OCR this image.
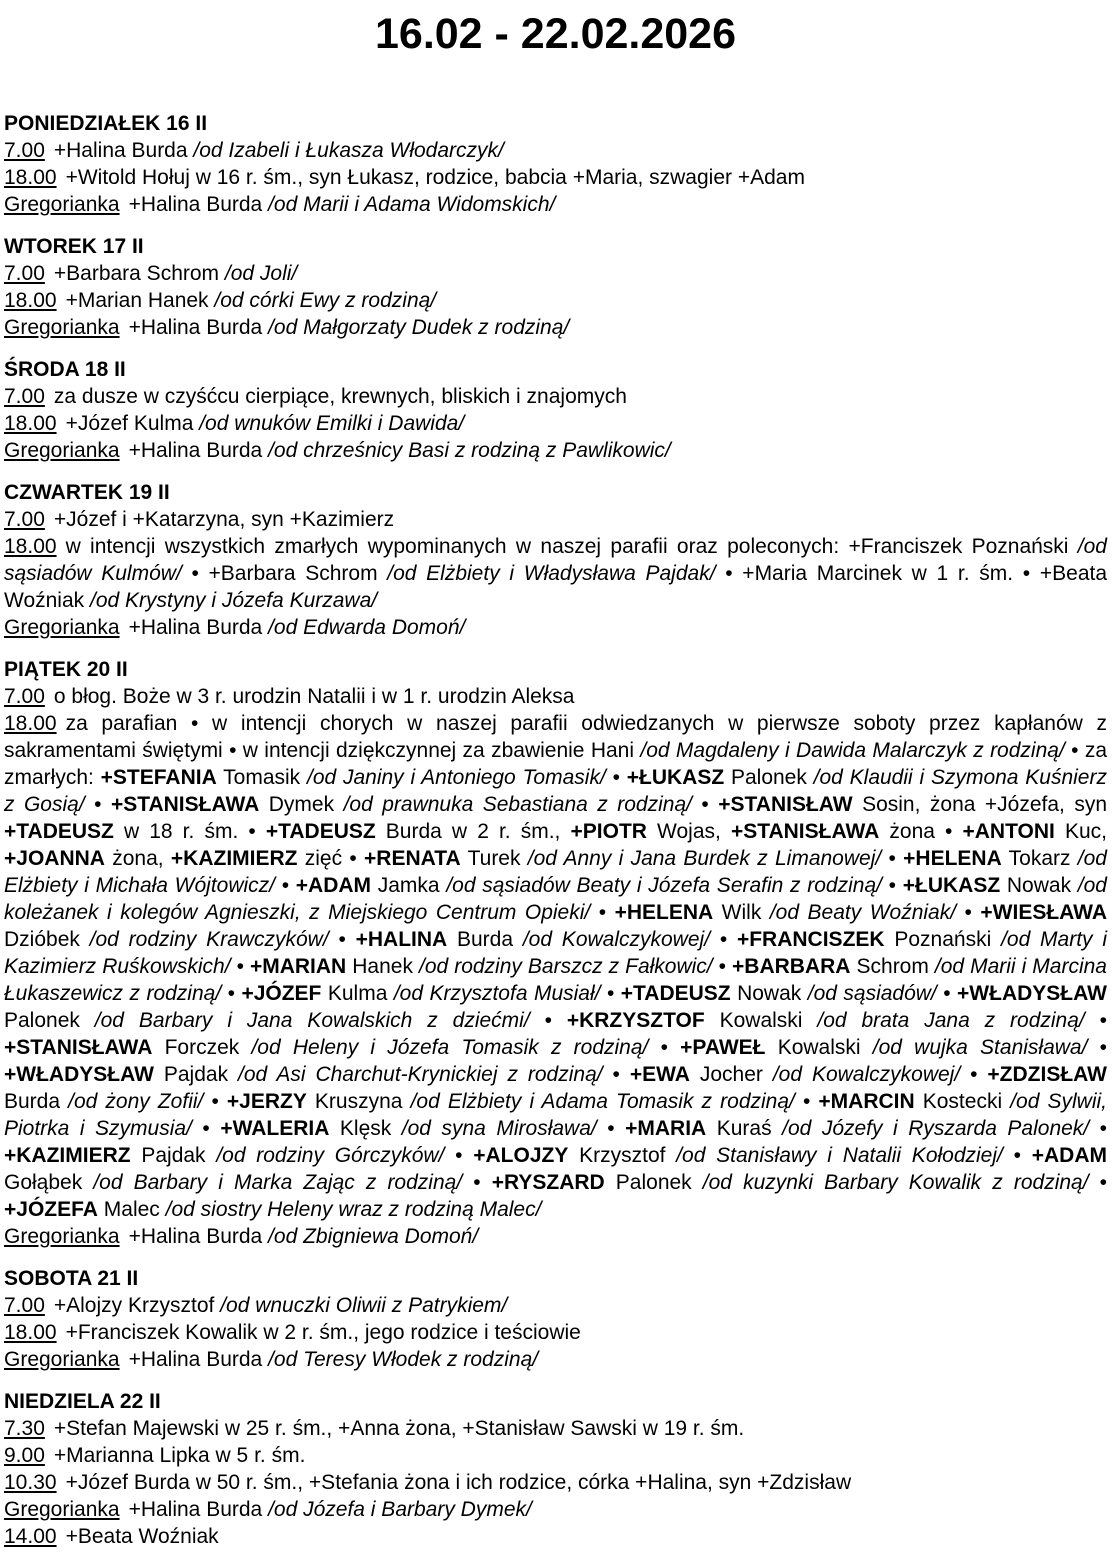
16.02 - 22.02.2026
PONIEDZIAŁEK 16 II

7.00 +Halina Burda /od Izabeli i Łukasza Włodarczyk/

18.00 +Witold Hołuj w 16 r. śm., syn Łukasz, rodzice, babcia +Maria, szwagier +Adam

Gregorianka +Halina Burda /od Marii i Adama Widomskich/

WTOREK 17 II

7.00 +Barbara Schrom /od Joli/

18.00 +Marian Hanek /od córki Ewy z rodziną/

Gregorianka +Halina Burda /od Małgorzaty Dudek z rodziną/

ŚRODA 18 II

7.00 za dusze w czyśćcu cierpiące, krewnych, bliskich i znajomych

18.00 +Józef Kulma /od wnuków Emilki i Dawida/

Gregorianka +Halina Burda /od chrześnicy Basi z rodziną z Pawlikowic/

CZWARTEK 19 II

7.00 +Józef i +Katarzyna, syn +Kazimierz

18.00 w intencji wszystkich zmarłych wypominanych w naszej parafii oraz poleconych: +Franciszek Poznański /od sąsiadów Kulmów/ • +Barbara Schrom /od Elżbiety i Władysława Pajdak/ • +Maria Marcinek w 1 r. śm. • +Beata Woźniak /od Krystyny i Józefa Kurzawa/

Gregorianka +Halina Burda /od Edwarda Domoń/

PIĄTEK 20 II

7.00 o błog. Boże w 3 r. urodzin Natalii i w 1 r. urodzin Aleksa

18.00 za parafian • w intencji chorych w naszej parafii odwiedzanych w pierwsze soboty przez kapłanów z sakramentami świętymi • w intencji dziękczynnej za zbawienie Hani /od Magdaleny i Dawida Malarczyk z rodziną/ • za zmarłych: +STEFANIA Tomasik /od Janiny i Antoniego Tomasik/ • +ŁUKASZ Palonek /od Klaudii i Szymona Kuśnierz z Gosią/ • +STANISŁAWA Dymek /od prawnuka Sebastiana z rodziną/ • +STANISŁAW Sosin, żona +Józefa, syn +TADEUSZ w 18 r. śm. • +TADEUSZ Burda w 2 r. śm., +PIOTR Wojas, +STANISŁAWA żona • +ANTONI Kuc, +JOANNA żona, +KAZIMIERZ zięć • +RENATA Turek /od Anny i Jana Burdek z Limanowej/ • +HELENA Tokarz /od Elżbiety i Michała Wójtowicz/ • +ADAM Jamka /od sąsiadów Beaty i Józefa Serafin z rodziną/ • +ŁUKASZ Nowak /od koleżanek i kolegów Agnieszki, z Miejskiego Centrum Opieki/ • +HELENA Wilk /od Beaty Woźniak/ • +WIESŁAWA Dzióbek /od rodziny Krawczyków/ • +HALINA Burda /od Kowalczykowej/ • +FRANCISZEK Poznański /od Marty i Kazimierz Ruśkowskich/ • +MARIAN Hanek /od rodziny Barszcz z Fałkowic/ • +BARBARA Schrom /od Marii i Marcina Łukaszewicz z rodziną/ • +JÓZEF Kulma /od Krzysztofa Musiał/ • +TADEUSZ Nowak /od sąsiadów/ • +WŁADYSŁAW Palonek /od Barbary i Jana Kowalskich z dziećmi/ • +KRZYSZTOF Kowalski /od brata Jana z rodziną/ • +STANISŁAWA Forczek /od Heleny i Józefa Tomasik z rodziną/ • +PAWEŁ Kowalski /od wujka Stanisława/ • +WŁADYSŁAW Pajdak /od Asi Charchut-Krynickiej z rodziną/ • +EWA Jocher /od Kowalczykowej/ • +ZDZISŁAW Burda /od żony Zofii/ • +JERZY Kruszyna /od Elżbiety i Adama Tomasik z rodziną/ • +MARCIN Kostecki /od Sylwii, Piotrka i Szymusia/ • +WALERIA Klęsk /od syna Mirosława/ • +MARIA Kuraś /od Józefy i Ryszarda Palonek/ • +KAZIMIERZ Pajdak /od rodziny Górczyków/ • +ALOJZY Krzysztof /od Stanisławy i Natalii Kołodziej/ • +ADAM Gołąbek /od Barbary i Marka Zając z rodziną/ • +RYSZARD Palonek /od kuzynki Barbary Kowalik z rodziną/ • +JÓZEFA Malec /od siostry Heleny wraz z rodziną Malec/

Gregorianka +Halina Burda /od Zbigniewa Domoń/

SOBOTA 21 II

7.00 +Alojzy Krzysztof /od wnuczki Oliwii z Patrykiem/

18.00 +Franciszek Kowalik w 2 r. śm., jego rodzice i teściowie

Gregorianka +Halina Burda /od Teresy Włodek z rodziną/

NIEDZIELA 22 II

7.30 +Stefan Majewski w 25 r. śm., +Anna żona, +Stanisław Sawski w 19 r. śm.

9.00 +Marianna Lipka w 5 r. śm.

10.30 +Józef Burda w 50 r. śm., +Stefania żona i ich rodzice, córka +Halina, syn +Zdzisław

Gregorianka +Halina Burda /od Józefa i Barbary Dymek/

14.00 +Beata Woźniak
